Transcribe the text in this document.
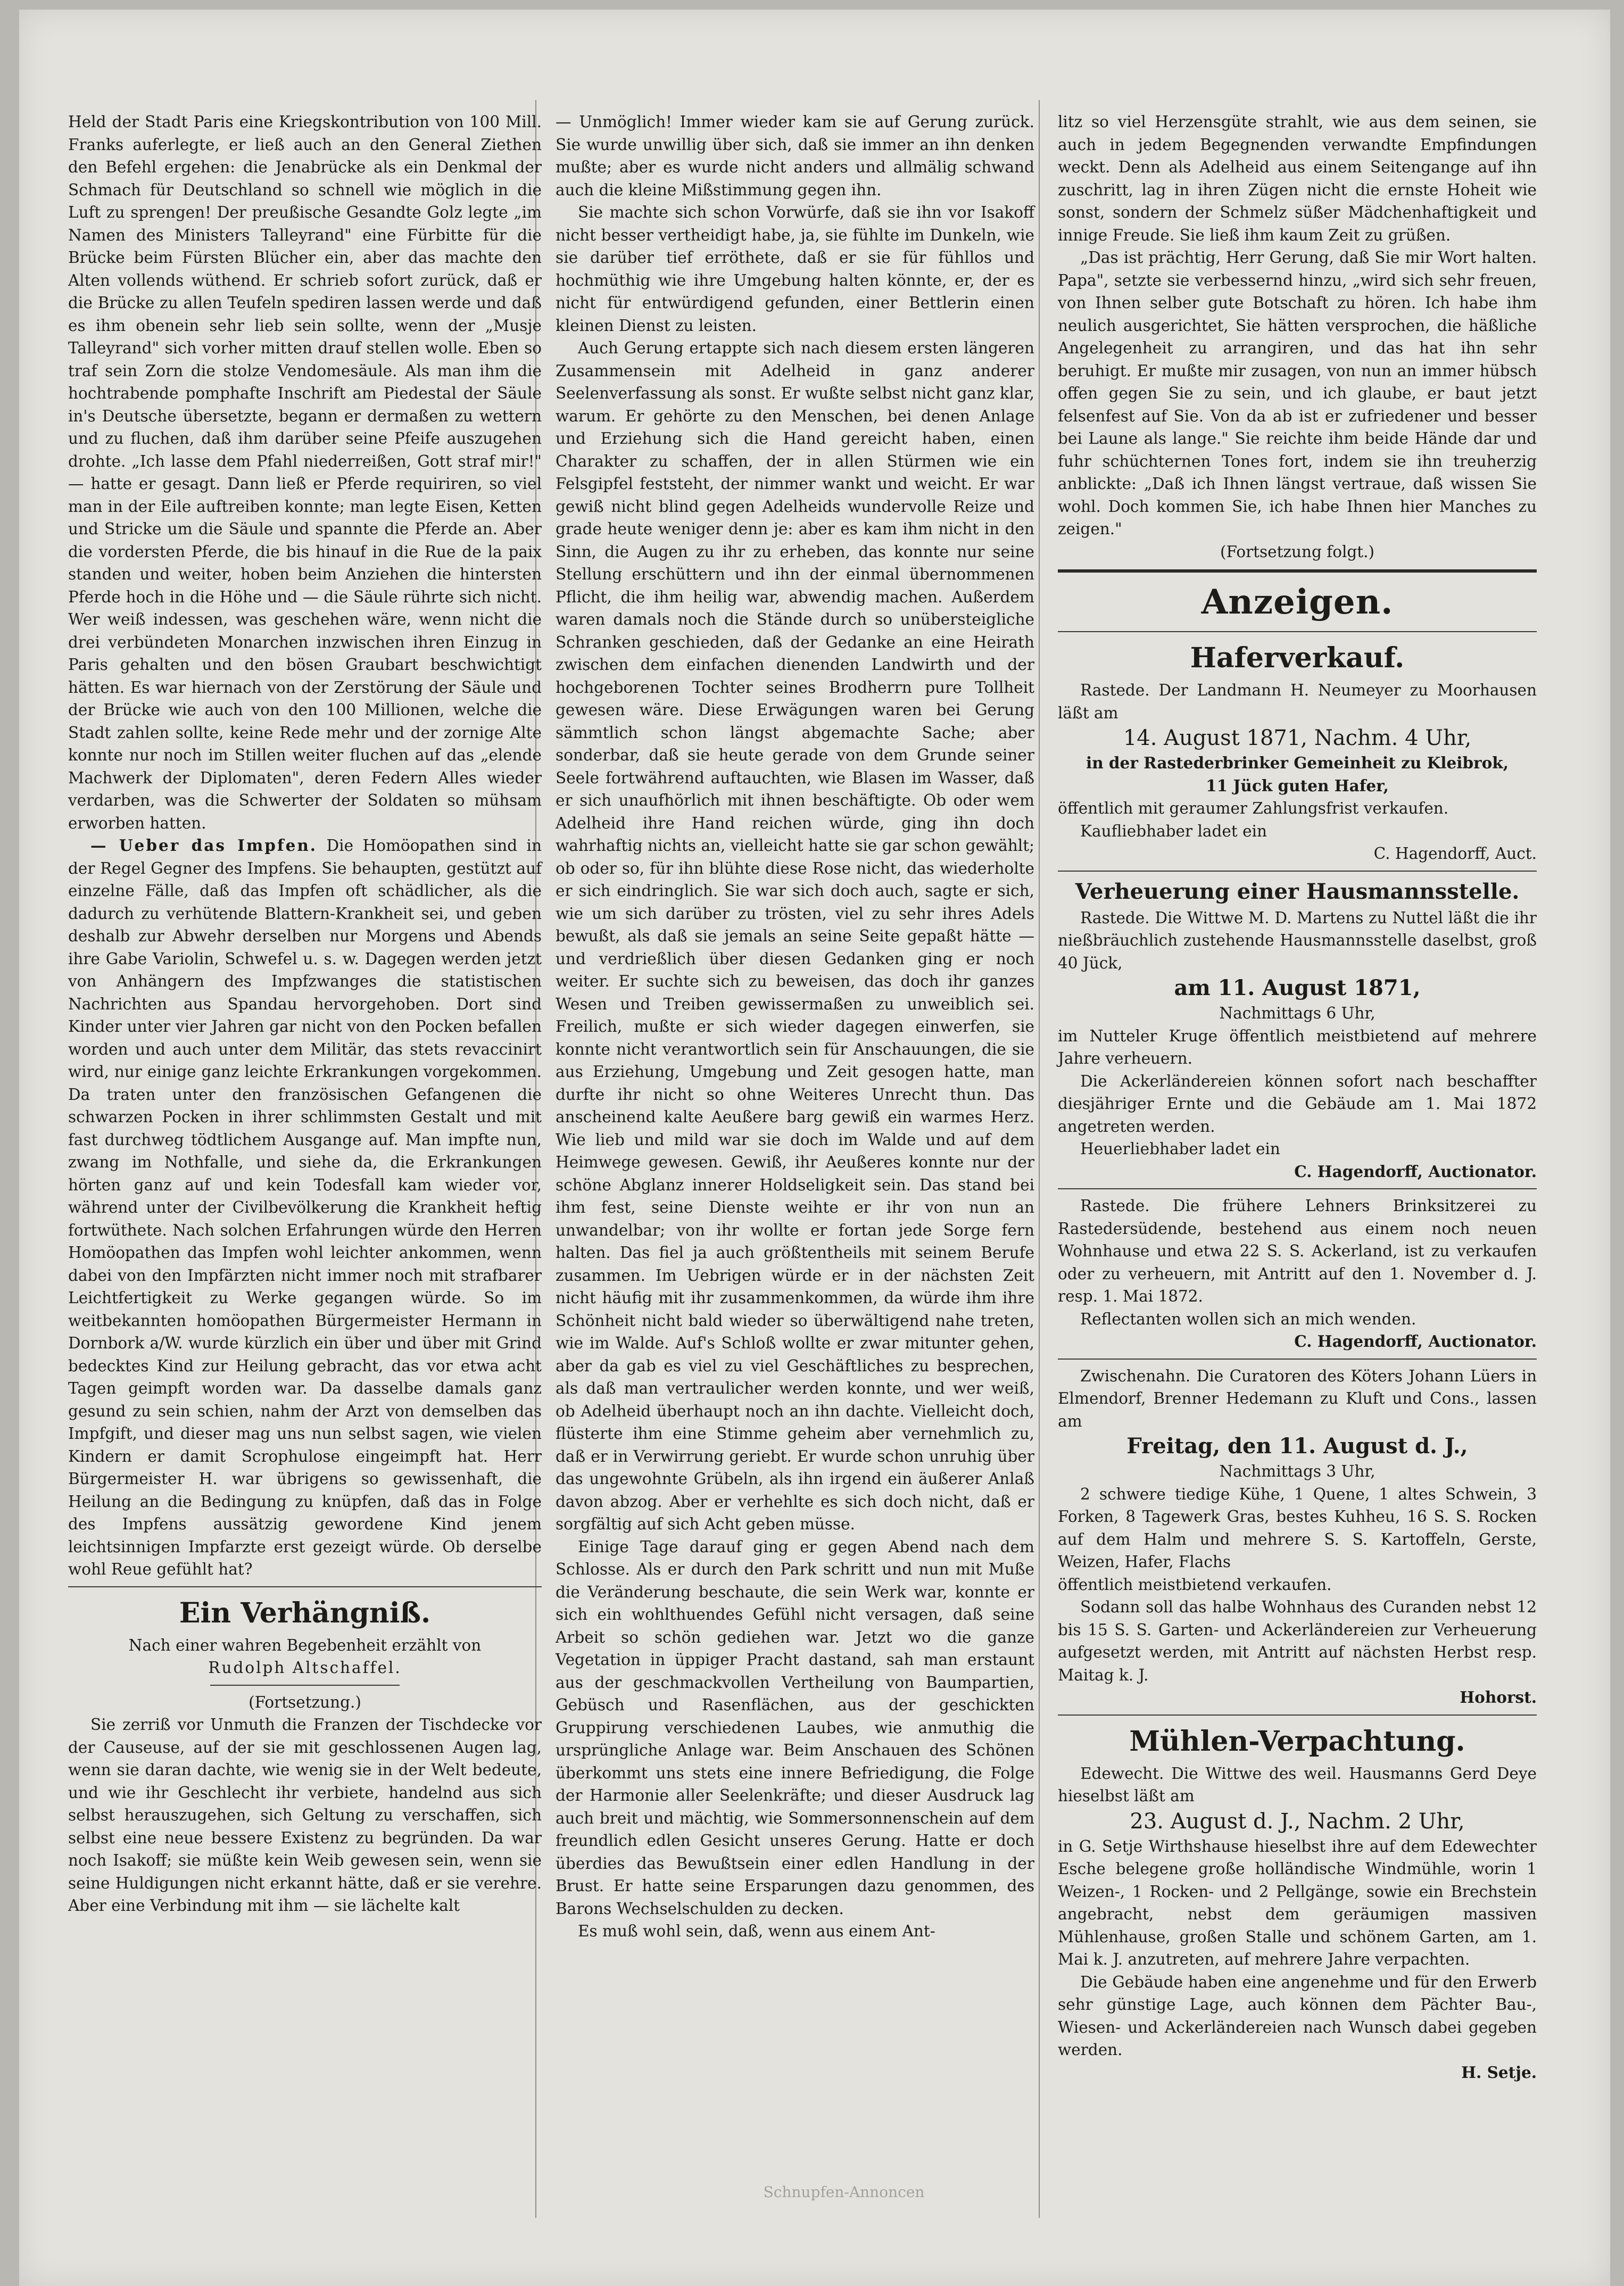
Held der Stadt Paris eine Kriegskontribution von 100 Mill. Franks auferlegte, er ließ auch an den General Ziethen den Befehl ergehen: die Jenabrücke als ein Denkmal der Schmach für Deutschland so schnell wie möglich in die Luft zu sprengen! Der preußische Gesandte Golz legte „im Namen des Ministers Talleyrand" eine Fürbitte für die Brücke beim Fürsten Blücher ein, aber das machte den Alten vollends wüthend. Er schrieb sofort zurück, daß er die Brücke zu allen Teufeln spediren lassen werde und daß es ihm obenein sehr lieb sein sollte, wenn der „Musje Talleyrand" sich vorher mitten drauf stellen wolle. Eben so traf sein Zorn die stolze Vendomesäule. Als man ihm die hochtrabende pomphafte Inschrift am Piedestal der Säule in's Deutsche übersetzte, begann er dermaßen zu wettern und zu fluchen, daß ihm darüber seine Pfeife auszugehen drohte. „Ich lasse dem Pfahl niederreißen, Gott straf mir!" — hatte er gesagt. Dann ließ er Pferde requiriren, so viel man in der Eile auftreiben konnte; man legte Eisen, Ketten und Stricke um die Säule und spannte die Pferde an. Aber die vordersten Pferde, die bis hinauf in die Rue de la paix standen und weiter, hoben beim Anziehen die hintersten Pferde hoch in die Höhe und — die Säule rührte sich nicht. Wer weiß indessen, was geschehen wäre, wenn nicht die drei verbündeten Monarchen inzwischen ihren Einzug in Paris gehalten und den bösen Graubart beschwichtigt hätten. Es war hiernach von der Zerstörung der Säule und der Brücke wie auch von den 100 Millionen, welche die Stadt zahlen sollte, keine Rede mehr und der zornige Alte konnte nur noch im Stillen weiter fluchen auf das „elende Machwerk der Diplomaten", deren Federn Alles wieder verdarben, was die Schwerter der Soldaten so mühsam erworben hatten.

— Ueber das Impfen. Die Homöopathen sind in der Regel Gegner des Impfens. Sie behaupten, gestützt auf einzelne Fälle, daß das Impfen oft schädlicher, als die dadurch zu verhütende Blattern-Krankheit sei, und geben deshalb zur Abwehr derselben nur Morgens und Abends ihre Gabe Variolin, Schwefel u. s. w. Dagegen werden jetzt von Anhängern des Impfzwanges die statistischen Nachrichten aus Spandau hervorgehoben. Dort sind Kinder unter vier Jahren gar nicht von den Pocken befallen worden und auch unter dem Militär, das stets revaccinirt wird, nur einige ganz leichte Erkrankungen vorgekommen. Da traten unter den französischen Gefangenen die schwarzen Pocken in ihrer schlimmsten Gestalt und mit fast durchweg tödtlichem Ausgange auf. Man impfte nun, zwang im Nothfalle, und siehe da, die Erkrankungen hörten ganz auf und kein Todesfall kam wieder vor, während unter der Civilbevölkerung die Krankheit heftig fortwüthete. Nach solchen Erfahrungen würde den Herren Homöopathen das Impfen wohl leichter ankommen, wenn dabei von den Impfärzten nicht immer noch mit strafbarer Leichtfertigkeit zu Werke gegangen würde. So im weitbekannten homöopathen Bürgermeister Hermann in Dornbork a/W. wurde kürzlich ein über und über mit Grind bedecktes Kind zur Heilung gebracht, das vor etwa acht Tagen geimpft worden war. Da dasselbe damals ganz gesund zu sein schien, nahm der Arzt von demselben das Impfgift, und dieser mag uns nun selbst sagen, wie vielen Kindern er damit Scrophulose eingeimpft hat. Herr Bürgermeister H. war übrigens so gewissenhaft, die Heilung an die Bedingung zu knüpfen, daß das in Folge des Impfens aussätzig gewordene Kind jenem leichtsinnigen Impfarzte erst gezeigt würde. Ob derselbe wohl Reue gefühlt hat?

Ein Verhängniß.

Nach einer wahren Begebenheit erzählt von

Rudolph Altschaffel.

(Fortsetzung.)

Sie zerriß vor Unmuth die Franzen der Tischdecke vor der Causeuse, auf der sie mit geschlossenen Augen lag, wenn sie daran dachte, wie wenig sie in der Welt bedeute, und wie ihr Geschlecht ihr verbiete, handelnd aus sich selbst herauszugehen, sich Geltung zu verschaffen, sich selbst eine neue bessere Existenz zu begründen. Da war noch Isakoff; sie müßte kein Weib gewesen sein, wenn sie seine Huldigungen nicht erkannt hätte, daß er sie verehre. Aber eine Verbindung mit ihm — sie lächelte kalt

— Unmöglich! Immer wieder kam sie auf Gerung zurück. Sie wurde unwillig über sich, daß sie immer an ihn denken mußte; aber es wurde nicht anders und allmälig schwand auch die kleine Mißstimmung gegen ihn.

Sie machte sich schon Vorwürfe, daß sie ihn vor Isakoff nicht besser vertheidigt habe, ja, sie fühlte im Dunkeln, wie sie darüber tief erröthete, daß er sie für fühllos und hochmüthig wie ihre Umgebung halten könnte, er, der es nicht für entwürdigend gefunden, einer Bettlerin einen kleinen Dienst zu leisten.

Auch Gerung ertappte sich nach diesem ersten längeren Zusammensein mit Adelheid in ganz anderer Seelenverfassung als sonst. Er wußte selbst nicht ganz klar, warum. Er gehörte zu den Menschen, bei denen Anlage und Erziehung sich die Hand gereicht haben, einen Charakter zu schaffen, der in allen Stürmen wie ein Felsgipfel feststeht, der nimmer wankt und weicht. Er war gewiß nicht blind gegen Adelheids wundervolle Reize und grade heute weniger denn je: aber es kam ihm nicht in den Sinn, die Augen zu ihr zu erheben, das konnte nur seine Stellung erschüttern und ihn der einmal übernommenen Pflicht, die ihm heilig war, abwendig machen. Außerdem waren damals noch die Stände durch so unübersteigliche Schranken geschieden, daß der Gedanke an eine Heirath zwischen dem einfachen dienenden Landwirth und der hochgeborenen Tochter seines Brodherrn pure Tollheit gewesen wäre. Diese Erwägungen waren bei Gerung sämmtlich schon längst abgemachte Sache; aber sonderbar, daß sie heute gerade von dem Grunde seiner Seele fortwährend auftauchten, wie Blasen im Wasser, daß er sich unaufhörlich mit ihnen beschäftigte. Ob oder wem Adelheid ihre Hand reichen würde, ging ihn doch wahrhaftig nichts an, vielleicht hatte sie gar schon gewählt; ob oder so, für ihn blühte diese Rose nicht, das wiederholte er sich eindringlich. Sie war sich doch auch, sagte er sich, wie um sich darüber zu trösten, viel zu sehr ihres Adels bewußt, als daß sie jemals an seine Seite gepaßt hätte — und verdrießlich über diesen Gedanken ging er noch weiter. Er suchte sich zu beweisen, das doch ihr ganzes Wesen und Treiben gewissermaßen zu unweiblich sei. Freilich, mußte er sich wieder dagegen einwerfen, sie konnte nicht verantwortlich sein für Anschauungen, die sie aus Erziehung, Umgebung und Zeit gesogen hatte, man durfte ihr nicht so ohne Weiteres Unrecht thun. Das anscheinend kalte Aeußere barg gewiß ein warmes Herz. Wie lieb und mild war sie doch im Walde und auf dem Heimwege gewesen. Gewiß, ihr Aeußeres konnte nur der schöne Abglanz innerer Holdseligkeit sein. Das stand bei ihm fest, seine Dienste weihte er ihr von nun an unwandelbar; von ihr wollte er fortan jede Sorge fern halten. Das fiel ja auch größtentheils mit seinem Berufe zusammen. Im Uebrigen würde er in der nächsten Zeit nicht häufig mit ihr zusammenkommen, da würde ihm ihre Schönheit nicht bald wieder so überwältigend nahe treten, wie im Walde. Auf's Schloß wollte er zwar mitunter gehen, aber da gab es viel zu viel Geschäftliches zu besprechen, als daß man vertraulicher werden konnte, und wer weiß, ob Adelheid überhaupt noch an ihn dachte. Vielleicht doch, flüsterte ihm eine Stimme geheim aber vernehmlich zu, daß er in Verwirrung geriebt. Er wurde schon unruhig über das ungewohnte Grübeln, als ihn irgend ein äußerer Anlaß davon abzog. Aber er verhehlte es sich doch nicht, daß er sorgfältig auf sich Acht geben müsse.

Einige Tage darauf ging er gegen Abend nach dem Schlosse. Als er durch den Park schritt und nun mit Muße die Veränderung beschaute, die sein Werk war, konnte er sich ein wohlthuendes Gefühl nicht versagen, daß seine Arbeit so schön gediehen war. Jetzt wo die ganze Vegetation in üppiger Pracht dastand, sah man erstaunt aus der geschmackvollen Vertheilung von Baumpartien, Gebüsch und Rasenflächen, aus der geschickten Gruppirung verschiedenen Laubes, wie anmuthig die ursprüngliche Anlage war. Beim Anschauen des Schönen überkommt uns stets eine innere Befriedigung, die Folge der Harmonie aller Seelenkräfte; und dieser Ausdruck lag auch breit und mächtig, wie Sommersonnenschein auf dem freundlich edlen Gesicht unseres Gerung. Hatte er doch überdies das Bewußtsein einer edlen Handlung in der Brust. Er hatte seine Ersparungen dazu genommen, des Barons Wechselschulden zu decken.

Es muß wohl sein, daß, wenn aus einem Ant-

litz so viel Herzensgüte strahlt, wie aus dem seinen, sie auch in jedem Begegnenden verwandte Empfindungen weckt. Denn als Adelheid aus einem Seitengange auf ihn zuschritt, lag in ihren Zügen nicht die ernste Hoheit wie sonst, sondern der Schmelz süßer Mädchenhaftigkeit und innige Freude. Sie ließ ihm kaum Zeit zu grüßen.

„Das ist prächtig, Herr Gerung, daß Sie mir Wort halten. Papa", setzte sie verbessernd hinzu, „wird sich sehr freuen, von Ihnen selber gute Botschaft zu hören. Ich habe ihm neulich ausgerichtet, Sie hätten versprochen, die häßliche Angelegenheit zu arrangiren, und das hat ihn sehr beruhigt. Er mußte mir zusagen, von nun an immer hübsch offen gegen Sie zu sein, und ich glaube, er baut jetzt felsenfest auf Sie. Von da ab ist er zufriedener und besser bei Laune als lange." Sie reichte ihm beide Hände dar und fuhr schüchternen Tones fort, indem sie ihn treuherzig anblickte: „Daß ich Ihnen längst vertraue, daß wissen Sie wohl. Doch kommen Sie, ich habe Ihnen hier Manches zu zeigen."

(Fortsetzung folgt.)

Anzeigen.
Haferverkauf.

Rastede. Der Landmann H. Neumeyer zu Moorhausen läßt am

14. August 1871, Nachm. 4 Uhr,

in der Rastederbrinker Gemeinheit zu Kleibrok,

11 Jück guten Hafer,

öffentlich mit geraumer Zahlungsfrist verkaufen.

Kaufliebhaber ladet ein

C. Hagendorff, Auct.

Verheuerung einer Hausmannsstelle.

Rastede. Die Wittwe M. D. Martens zu Nuttel läßt die ihr nießbräuchlich zustehende Hausmannsstelle daselbst, groß 40 Jück,

am 11. August 1871,

Nachmittags 6 Uhr,

im Nutteler Kruge öffentlich meistbietend auf mehrere Jahre verheuern.

Die Ackerländereien können sofort nach beschaffter diesjähriger Ernte und die Gebäude am 1. Mai 1872 angetreten werden.

Heuerliebhaber ladet ein

C. Hagendorff, Auctionator.

Rastede. Die frühere Lehners Brinksitzerei zu Rastedersüdende, bestehend aus einem noch neuen Wohnhause und etwa 22 S. S. Ackerland, ist zu verkaufen oder zu verheuern, mit Antritt auf den 1. November d. J. resp. 1. Mai 1872.

Reflectanten wollen sich an mich wenden.

C. Hagendorff, Auctionator.

Zwischenahn. Die Curatoren des Köters Johann Lüers in Elmendorf, Brenner Hedemann zu Kluft und Cons., lassen am

Freitag, den 11. August d. J.,

Nachmittags 3 Uhr,

2 schwere tiedige Kühe, 1 Quene, 1 altes Schwein, 3 Forken, 8 Tagewerk Gras, bestes Kuhheu, 16 S. S. Rocken auf dem Halm und mehrere S. S. Kartoffeln, Gerste, Weizen, Hafer, Flachs

öffentlich meistbietend verkaufen.

Sodann soll das halbe Wohnhaus des Curanden nebst 12 bis 15 S. S. Garten- und Ackerländereien zur Verheuerung aufgesetzt werden, mit Antritt auf nächsten Herbst resp. Maitag k. J.

Hohorst.

Mühlen-Verpachtung.

Edewecht. Die Wittwe des weil. Hausmanns Gerd Deye hieselbst läßt am

23. August d. J., Nachm. 2 Uhr,

in G. Setje Wirthshause hieselbst ihre auf dem Edewechter Esche belegene große holländische Windmühle, worin 1 Weizen-, 1 Rocken- und 2 Pellgänge, sowie ein Brechstein angebracht, nebst dem geräumigen massiven Mühlenhause, großen Stalle und schönem Garten, am 1. Mai k. J. anzutreten, auf mehrere Jahre verpachten.

Die Gebäude haben eine angenehme und für den Erwerb sehr günstige Lage, auch können dem Pächter Bau-, Wiesen- und Ackerländereien nach Wunsch dabei gegeben werden.

H. Setje.

Schnupfen-Annoncen
